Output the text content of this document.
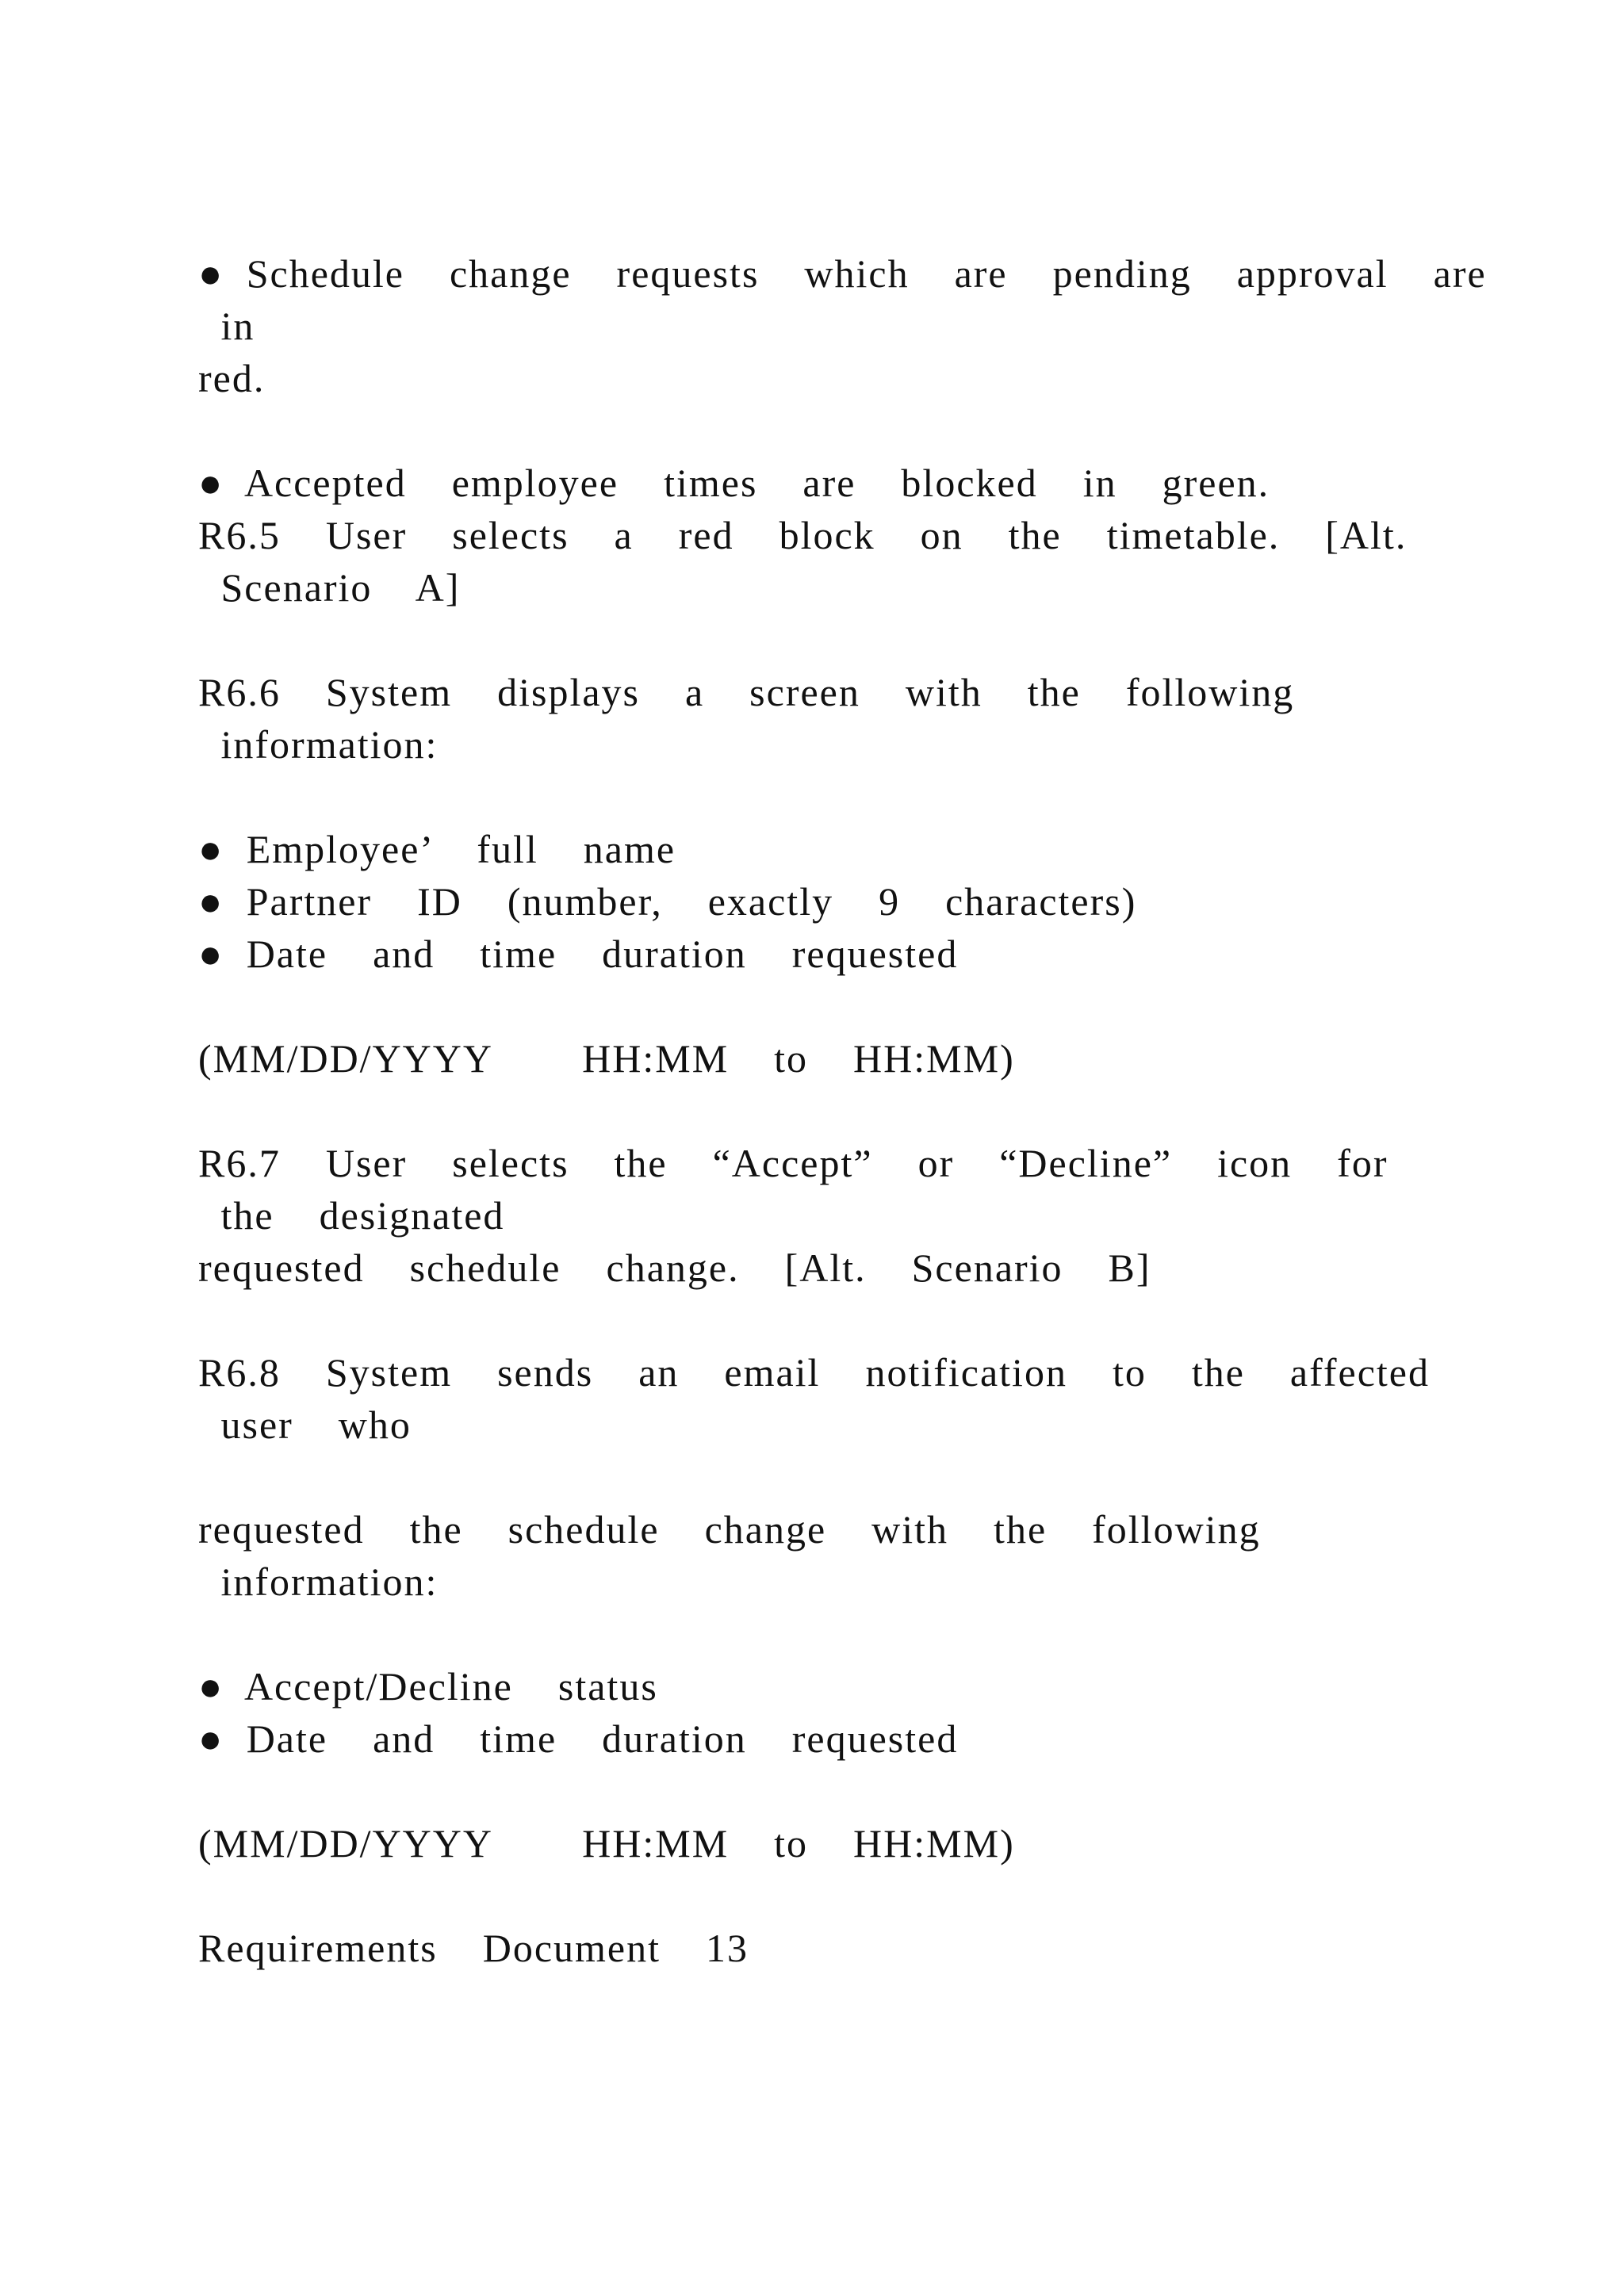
● Schedule  change  requests  which  are  pending  approval  are

in

red.

● Accepted  employee  times  are  blocked  in  green.

R6.5  User  selects  a  red  block  on  the  timetable.  [Alt.

Scenario  A]

R6.6  System  displays  a  screen  with  the  following

information:

● Employee’  full  name

● Partner  ID  (number,  exactly  9  characters)

● Date  and  time  duration  requested

(MM/DD/YYYY    HH:MM  to  HH:MM)

R6.7  User  selects  the  “Accept”  or  “Decline”  icon  for

the  designated

requested  schedule  change.  [Alt.  Scenario  B]

R6.8  System  sends  an  email  notification  to  the  affected

user  who

requested  the  schedule  change  with  the  following

information:

● Accept/Decline  status

● Date  and  time  duration  requested

(MM/DD/YYYY    HH:MM  to  HH:MM)

Requirements  Document  13
